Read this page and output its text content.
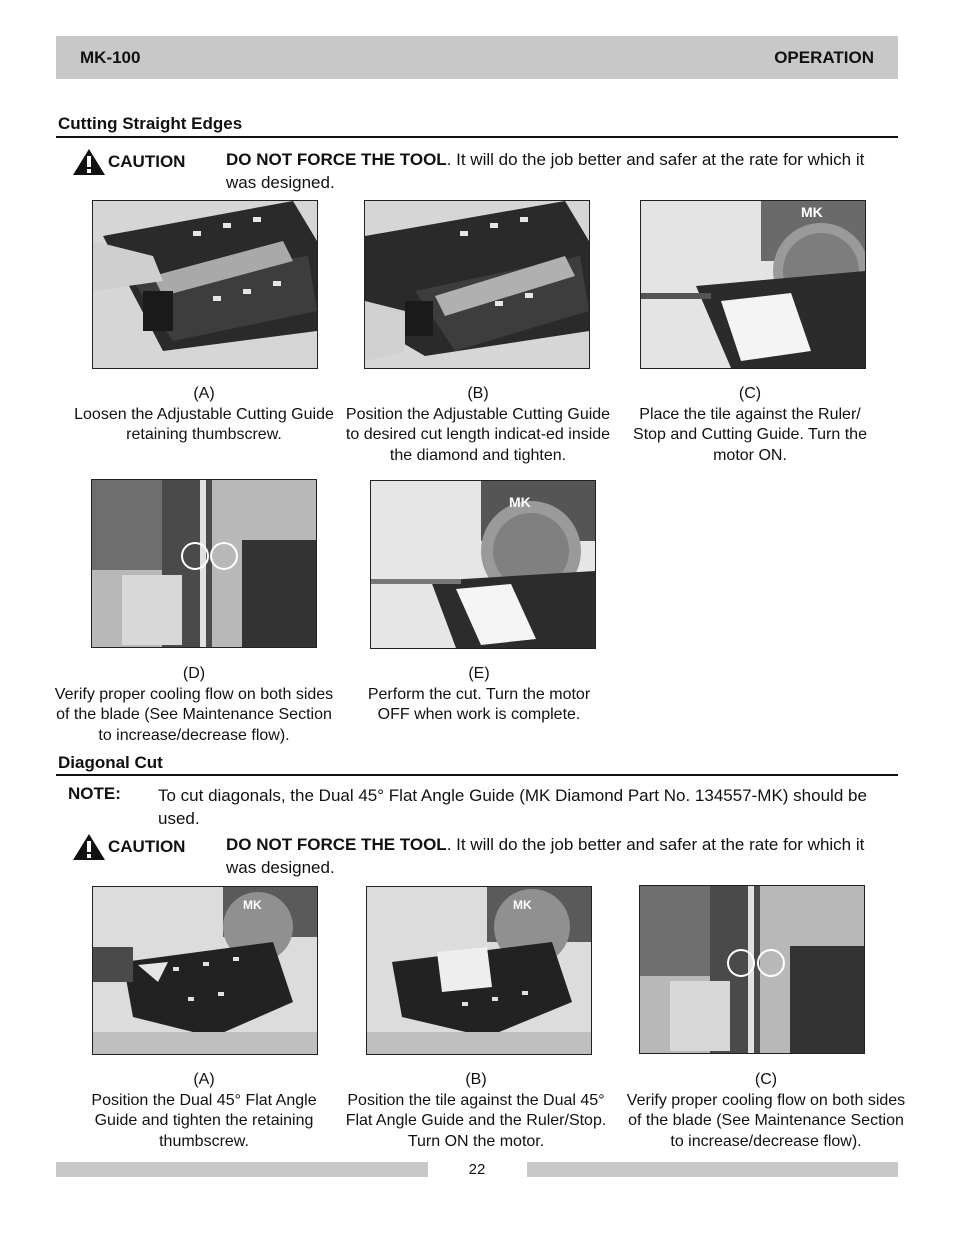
MK-100	OPERATION
Cutting Straight Edges
CAUTION DO NOT FORCE THE TOOL. It will do the job better and safer at the rate for which it was designed.
MK
(A)
Loosen the Adjustable Cutting Guide retaining thumbscrew.
(B)
Position the Adjustable Cutting Guide to desired cut length indicat-ed inside the diamond and tighten.
(C)
Place the tile against the Ruler/ Stop and Cutting Guide. Turn the motor ON.
MK
(D)
Verify proper cooling flow on both sides of the blade (See Maintenance Section to increase/decrease flow).
(E)
Perform the cut. Turn the motor OFF when work is complete.
Diagonal Cut
NOTE: To cut diagonals, the Dual 45° Flat Angle Guide (MK Diamond Part No. 134557-MK) should be used.
CAUTION DO NOT FORCE THE TOOL. It will do the job better and safer at the rate for which it was designed.
MK	MK
(A)
Position the Dual 45° Flat Angle Guide and tighten the retaining thumbscrew.
(B)
Position the tile against the Dual 45° Flat Angle Guide and the Ruler/Stop. Turn ON the motor.
(C)
Verify proper cooling flow on both sides of the blade (See Maintenance Section to increase/decrease flow).
22
